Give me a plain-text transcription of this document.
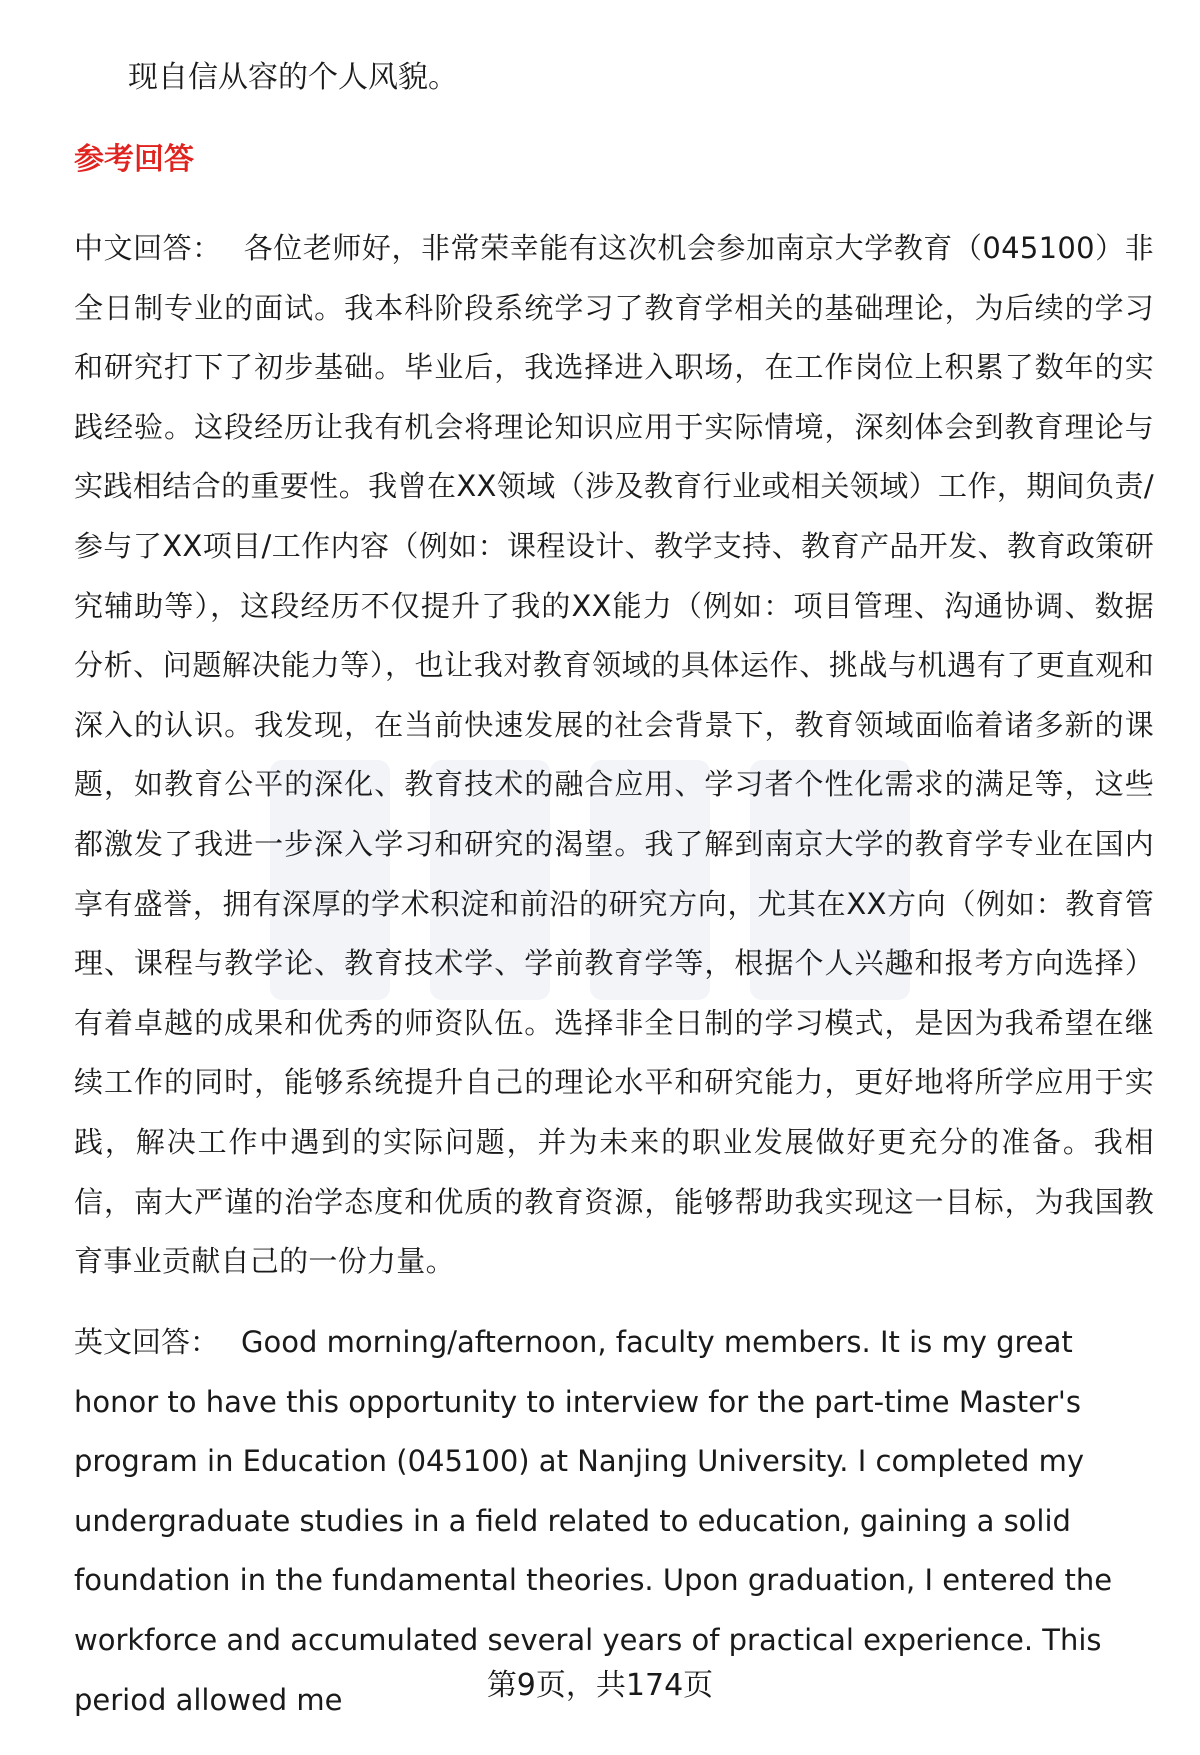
现自信从容的个人风貌。

参考回答

中文回答： 各位老师好，非常荣幸能有这次机会参加南京大学教育（045100）非全日制专业的面试。我本科阶段系统学习了教育学相关的基础理论，为后续的学习和研究打下了初步基础。毕业后，我选择进入职场，在工作岗位上积累了数年的实践经验。这段经历让我有机会将理论知识应用于实际情境，深刻体会到教育理论与实践相结合的重要性。我曾在XX领域（涉及教育行业或相关领域）工作，期间负责/参与了XX项目/工作内容（例如：课程设计、教学支持、教育产品开发、教育政策研究辅助等），这段经历不仅提升了我的XX能力（例如：项目管理、沟通协调、数据分析、问题解决能力等），也让我对教育领域的具体运作、挑战与机遇有了更直观和深入的认识。我发现，在当前快速发展的社会背景下，教育领域面临着诸多新的课题，如教育公平的深化、教育技术的融合应用、学习者个性化需求的满足等，这些都激发了我进一步深入学习和研究的渴望。我了解到南京大学的教育学专业在国内享有盛誉，拥有深厚的学术积淀和前沿的研究方向，尤其在XX方向（例如：教育管理、课程与教学论、教育技术学、学前教育学等，根据个人兴趣和报考方向选择）有着卓越的成果和优秀的师资队伍。选择非全日制的学习模式，是因为我希望在继续工作的同时，能够系统提升自己的理论水平和研究能力，更好地将所学应用于实践，解决工作中遇到的实际问题，并为未来的职业发展做好更充分的准备。我相信，南大严谨的治学态度和优质的教育资源，能够帮助我实现这一目标，为我国教育事业贡献自己的一份力量。

英文回答： Good morning/afternoon, faculty members. It is my great honor to have this opportunity to interview for the part-time Master's program in Education (045100) at Nanjing University. I completed my undergraduate studies in a field related to education, gaining a solid foundation in the fundamental theories. Upon graduation, I entered the workforce and accumulated several years of practical experience. This period allowed me	第9页，共174页
